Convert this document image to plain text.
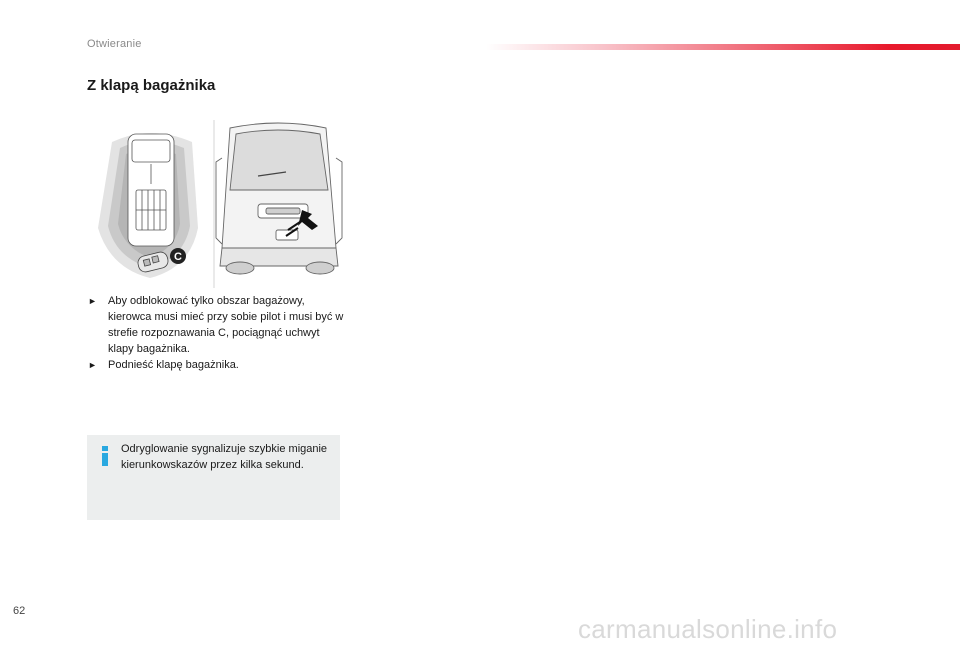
Otwieranie
Z klapą bagażnika
C
►	Aby odblokować tylko obszar bagażowy, kierowca musi mieć przy sobie pilot i musi być w strefie rozpoznawania C, pociągnąć uchwyt klapy bagażnika.
►	Podnieść klapę bagażnika.
Odryglowanie sygnalizuje szybkie miganie kierunkowskazów przez kilka sekund.
62
carmanualsonline.info
